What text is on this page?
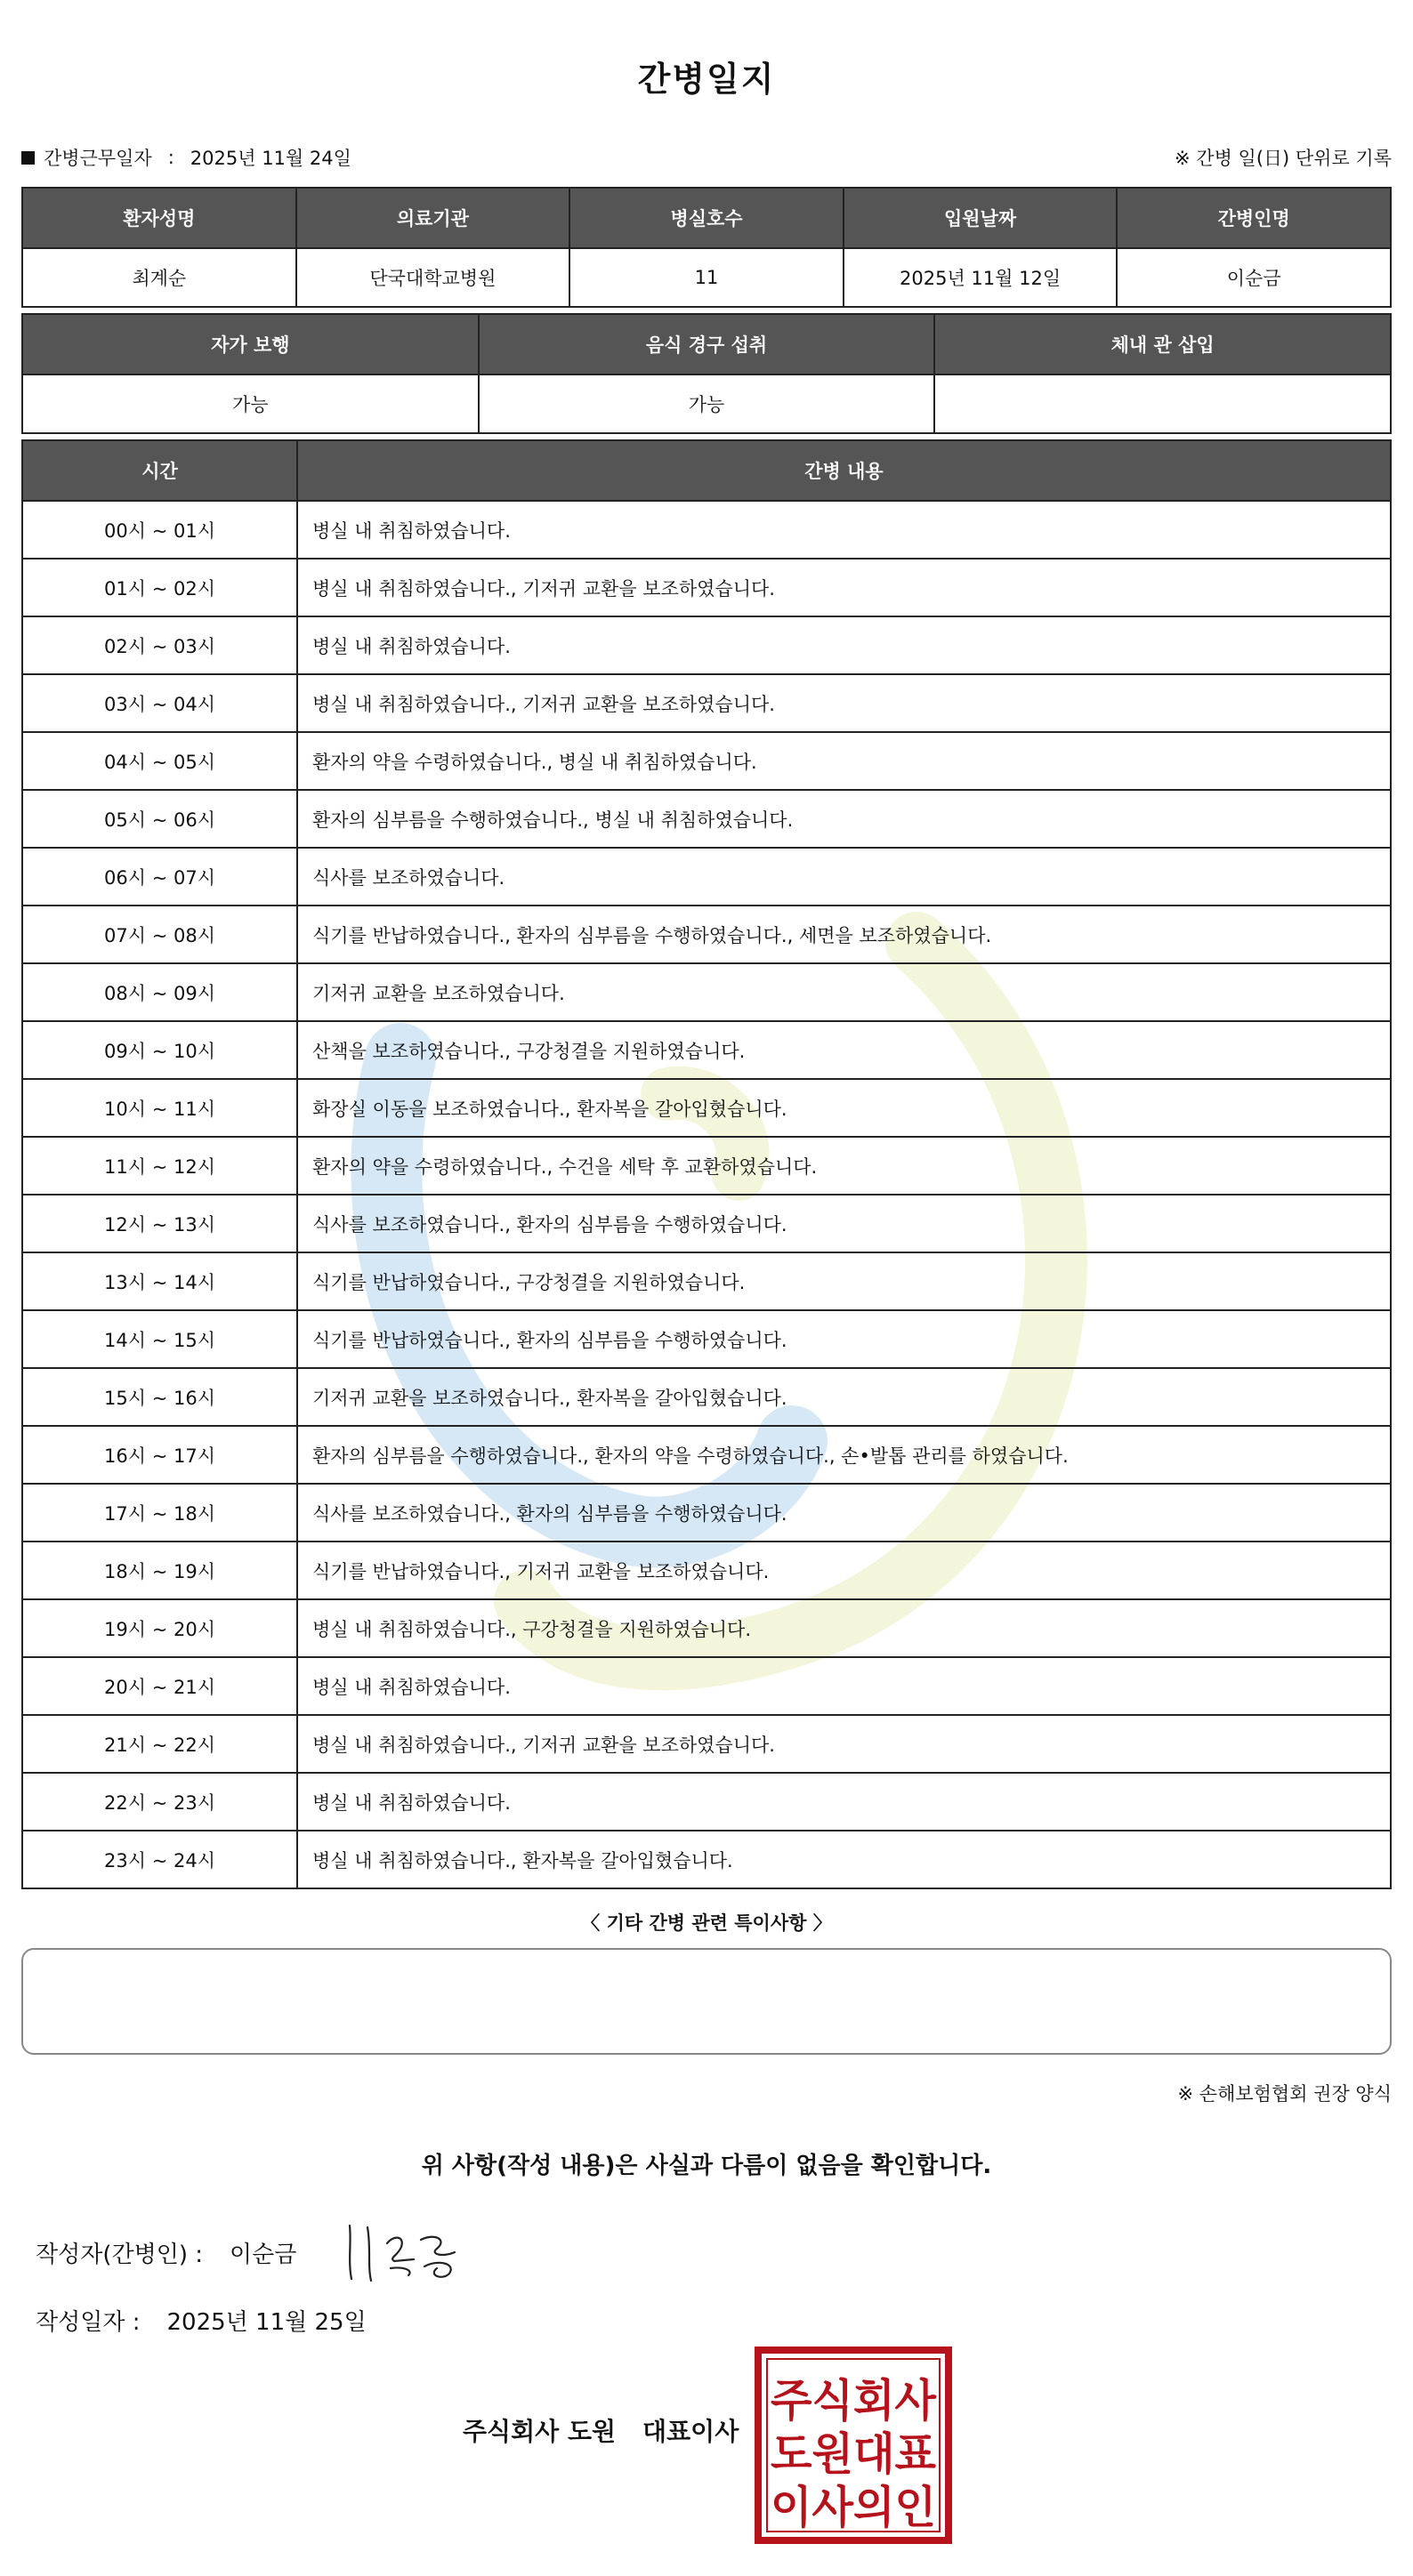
간병일지
간병근무일자 : 2025년 11월 24일	※ 간병 일(日) 단위로 기록
환자성명	의료기관	병실호수	입원날짜	간병인명
최계순	단국대학교병원	11	2025년 11월 12일	이순금
자가 보행	음식 경구 섭취	체내 관 삽입
가능	가능	
시간	간병 내용
00시 ~ 01시	병실 내 취침하였습니다.
01시 ~ 02시	병실 내 취침하였습니다., 기저귀 교환을 보조하였습니다.
02시 ~ 03시	병실 내 취침하였습니다.
03시 ~ 04시	병실 내 취침하였습니다., 기저귀 교환을 보조하였습니다.
04시 ~ 05시	환자의 약을 수령하였습니다., 병실 내 취침하였습니다.
05시 ~ 06시	환자의 심부름을 수행하였습니다., 병실 내 취침하였습니다.
06시 ~ 07시	식사를 보조하였습니다.
07시 ~ 08시	식기를 반납하였습니다., 환자의 심부름을 수행하였습니다., 세면을 보조하였습니다.
08시 ~ 09시	기저귀 교환을 보조하였습니다.
09시 ~ 10시	산책을 보조하였습니다., 구강청결을 지원하였습니다.
10시 ~ 11시	화장실 이동을 보조하였습니다., 환자복을 갈아입혔습니다.
11시 ~ 12시	환자의 약을 수령하였습니다., 수건을 세탁 후 교환하였습니다.
12시 ~ 13시	식사를 보조하였습니다., 환자의 심부름을 수행하였습니다.
13시 ~ 14시	식기를 반납하였습니다., 구강청결을 지원하였습니다.
14시 ~ 15시	식기를 반납하였습니다., 환자의 심부름을 수행하였습니다.
15시 ~ 16시	기저귀 교환을 보조하였습니다., 환자복을 갈아입혔습니다.
16시 ~ 17시	환자의 심부름을 수행하였습니다., 환자의 약을 수령하였습니다., 손•발톱 관리를 하였습니다.
17시 ~ 18시	식사를 보조하였습니다., 환자의 심부름을 수행하였습니다.
18시 ~ 19시	식기를 반납하였습니다., 기저귀 교환을 보조하였습니다.
19시 ~ 20시	병실 내 취침하였습니다., 구강청결을 지원하였습니다.
20시 ~ 21시	병실 내 취침하였습니다.
21시 ~ 22시	병실 내 취침하였습니다., 기저귀 교환을 보조하였습니다.
22시 ~ 23시	병실 내 취침하였습니다.
23시 ~ 24시	병실 내 취침하였습니다., 환자복을 갈아입혔습니다.
〈 기타 간병 관련 특이사항 〉
※ 손해보험협회 권장 양식
위 사항(작성 내용)은 사실과 다름이 없음을 확인합니다.
작성자(간병인) : 이순금
작성일자 : 2025년 11월 25일
주식회사 도원 대표이사
주식회사
도원대표
이사의인
